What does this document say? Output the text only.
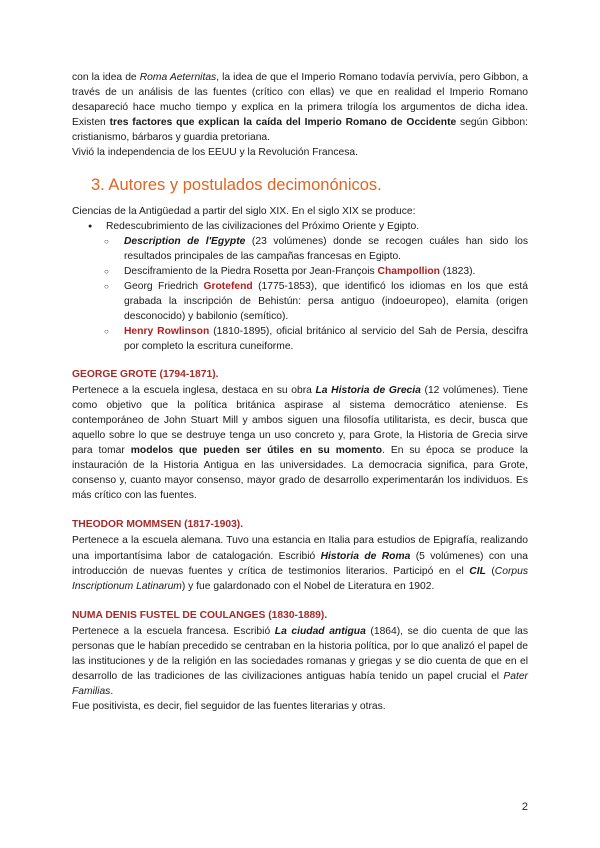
con la idea de Roma Aeternitas, la idea de que el Imperio Romano todavía pervivía, pero Gibbon, a través de un análisis de las fuentes (crítico con ellas) ve que en realidad el Imperio Romano desapareció hace mucho tiempo y explica en la primera trilogía los argumentos de dicha idea. Existen tres factores que explican la caída del Imperio Romano de Occidente según Gibbon: cristianismo, bárbaros y guardia pretoriana.

Vivió la independencia de los EEUU y la Revolución Francesa.

3. Autores y postulados decimonónicos.

Ciencias de la Antigüedad a partir del siglo XIX. En el siglo XIX se produce:

● Redescubrimiento de las civilizaciones del Próximo Oriente y Egipto.
○ Description de l'Egypte (23 volúmenes) donde se recogen cuáles han sido los resultados principales de las campañas francesas en Egipto.
○ Desciframiento de la Piedra Rosetta por Jean-François Champollion (1823).
○ Georg Friedrich Grotefend (1775-1853), que identificó los idiomas en los que está grabada la inscripción de Behistún: persa antiguo (indoeuropeo), elamita (origen desconocido) y babilonio (semítico).
○ Henry Rowlinson (1810-1895), oficial británico al servicio del Sah de Persia, descifra por completo la escritura cuneiforme.
GEORGE GROTE (1794-1871).

Pertenece a la escuela inglesa, destaca en su obra La Historia de Grecia (12 volúmenes). Tiene como objetivo que la política británica aspirase al sistema democrático ateniense. Es contemporáneo de John Stuart Mill y ambos siguen una filosofía utilitarista, es decir, busca que aquello sobre lo que se destruye tenga un uso concreto y, para Grote, la Historia de Grecia sirve para tomar modelos que pueden ser útiles en su momento. En su época se produce la instauración de la Historia Antigua en las universidades. La democracia significa, para Grote, consenso y, cuanto mayor consenso, mayor grado de desarrollo experimentarán los individuos. Es más crítico con las fuentes.

THEODOR MOMMSEN (1817-1903).

Pertenece a la escuela alemana. Tuvo una estancia en Italia para estudios de Epigrafía, realizando una importantísima labor de catalogación. Escribió Historia de Roma (5 volúmenes) con una introducción de nuevas fuentes y crítica de testimonios literarios. Participó en el CIL (Corpus Inscriptionum Latinarum) y fue galardonado con el Nobel de Literatura en 1902.

NUMA DENIS FUSTEL DE COULANGES (1830-1889).

Pertenece a la escuela francesa. Escribió La ciudad antigua (1864), se dio cuenta de que las personas que le habían precedido se centraban en la historia política, por lo que analizó el papel de las instituciones y de la religión en las sociedades romanas y griegas y se dio cuenta de que en el desarrollo de las tradiciones de las civilizaciones antiguas había tenido un papel crucial el Pater Familias.

Fue positivista, es decir, fiel seguidor de las fuentes literarias y otras.

2
